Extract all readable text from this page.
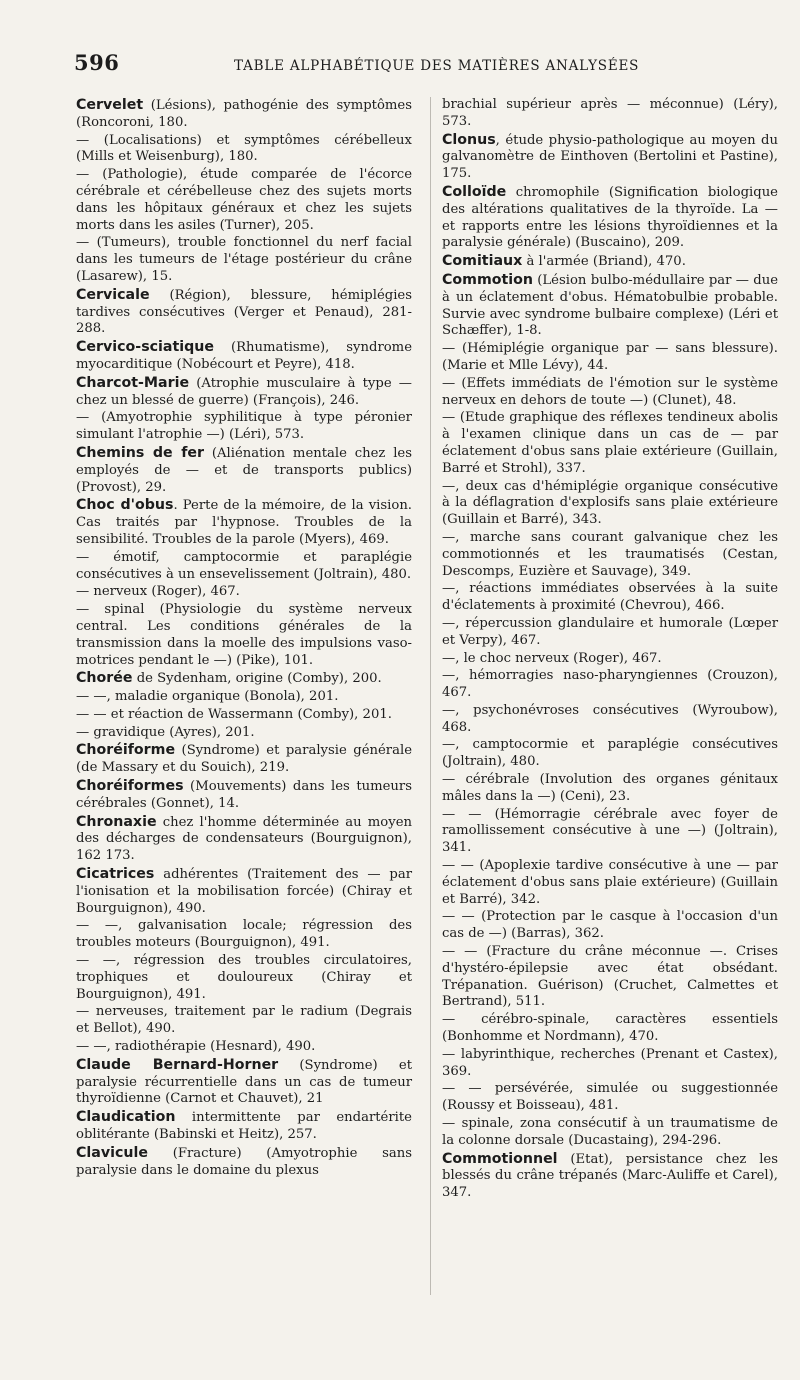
596	TABLE ALPHABÉTIQUE DES MATIÈRES ANALYSÉES

Cervelet (Lésions), pathogénie des symptômes (Roncoroni, 180.

— (Localisations) et symptômes cérébelleux (Mills et Weisenburg), 180.

— (Pathologie), étude comparée de l'écorce cérébrale et cérébelleuse chez des sujets morts dans les hôpitaux généraux et chez les sujets morts dans les asiles (Turner), 205.

— (Tumeurs), trouble fonctionnel du nerf facial dans les tumeurs de l'étage postérieur du crâne (Lasarew), 15.

Cervicale (Région), blessure, hémiplégies tardives consécutives (Verger et Penaud), 281-288.

Cervico-sciatique (Rhumatisme), syndrome myocarditique (Nobécourt et Peyre), 418.

Charcot-Marie (Atrophie musculaire à type — chez un blessé de guerre) (François), 246.

— (Amyotrophie syphilitique à type péronier simulant l'atrophie —) (Léri), 573.

Chemins de fer (Aliénation mentale chez les employés de — et de transports publics) (Provost), 29.

Choc d'obus. Perte de la mémoire, de la vision. Cas traités par l'hypnose. Troubles de la sensibilité. Troubles de la parole (Myers), 469.

— émotif, camptocormie et paraplégie consécutives à un ensevelissement (Joltrain), 480.

— nerveux (Roger), 467.

— spinal (Physiologie du système nerveux central. Les conditions générales de la transmission dans la moelle des impulsions vaso-motrices pendant le —) (Pike), 101.

Chorée de Sydenham, origine (Comby), 200.

— —, maladie organique (Bonola), 201.

— — et réaction de Wassermann (Comby), 201.

— gravidique (Ayres), 201.

Choréiforme (Syndrome) et paralysie générale (de Massary et du Souich), 219.

Choréiformes (Mouvements) dans les tumeurs cérébrales (Gonnet), 14.

Chronaxie chez l'homme déterminée au moyen des décharges de condensateurs (Bourguignon), 162 173.

Cicatrices adhérentes (Traitement des — par l'ionisation et la mobilisation forcée) (Chiray et Bourguignon), 490.

— —, galvanisation locale; régression des troubles moteurs (Bourguignon), 491.

— —, régression des troubles circulatoires, trophiques et douloureux (Chiray et Bourguignon), 491.

— nerveuses, traitement par le radium (Degrais et Bellot), 490.

— —, radiothérapie (Hesnard), 490.

Claude Bernard-Horner (Syndrome) et paralysie récurrentielle dans un cas de tumeur thyroïdienne (Carnot et Chauvet), 21

Claudication intermittente par endartérite oblitérante (Babinski et Heitz), 257.

Clavicule (Fracture) (Amyotrophie sans paralysie dans le domaine du plexus

brachial supérieur après — méconnue) (Léry), 573.

Clonus, étude physio-pathologique au moyen du galvanomètre de Einthoven (Bertolini et Pastine), 175.

Colloïde chromophile (Signification biologique des altérations qualitatives de la thyroïde. La — et rapports entre les lésions thyroïdiennes et la paralysie générale) (Buscaino), 209.

Comitiaux à l'armée (Briand), 470.

Commotion (Lésion bulbo-médullaire par — due à un éclatement d'obus. Hématobulbie probable. Survie avec syndrome bulbaire complexe) (Léri et Schæffer), 1-8.

— (Hémiplégie organique par — sans blessure). (Marie et Mlle Lévy), 44.

— (Effets immédiats de l'émotion sur le système nerveux en dehors de toute —) (Clunet), 48.

— (Etude graphique des réflexes tendineux abolis à l'examen clinique dans un cas de — par éclatement d'obus sans plaie extérieure (Guillain, Barré et Strohl), 337.

—, deux cas d'hémiplégie organique consécutive à la déflagration d'explosifs sans plaie extérieure (Guillain et Barré), 343.

—, marche sans courant galvanique chez les commotionnés et les traumatisés (Cestan, Descomps, Euzière et Sauvage), 349.

—, réactions immédiates observées à la suite d'éclatements à proximité (Chevrou), 466.

—, répercussion glandulaire et humorale (Lœper et Verpy), 467.

—, le choc nerveux (Roger), 467.

—, hémorragies naso-pharyngiennes (Crouzon), 467.

—, psychonévroses consécutives (Wyroubow), 468.

—, camptocormie et paraplégie consécutives (Joltrain), 480.

— cérébrale (Involution des organes génitaux mâles dans la —) (Ceni), 23.

— — (Hémorragie cérébrale avec foyer de ramollissement consécutive à une —) (Joltrain), 341.

— — (Apoplexie tardive consécutive à une — par éclatement d'obus sans plaie extérieure) (Guillain et Barré), 342.

— — (Protection par le casque à l'occasion d'un cas de —) (Barras), 362.

— — (Fracture du crâne méconnue —. Crises d'hystéro-épilepsie avec état obsédant. Trépanation. Guérison) (Cruchet, Calmettes et Bertrand), 511.

— cérébro-spinale, caractères essentiels (Bonhomme et Nordmann), 470.

— labyrinthique, recherches (Prenant et Castex), 369.

— — persévérée, simulée ou suggestionnée (Roussy et Boisseau), 481.

— spinale, zona consécutif à un traumatisme de la colonne dorsale (Ducastaing), 294-296.

Commotionnel (Etat), persistance chez les blessés du crâne trépanés (Marc-Auliffe et Carel), 347.
